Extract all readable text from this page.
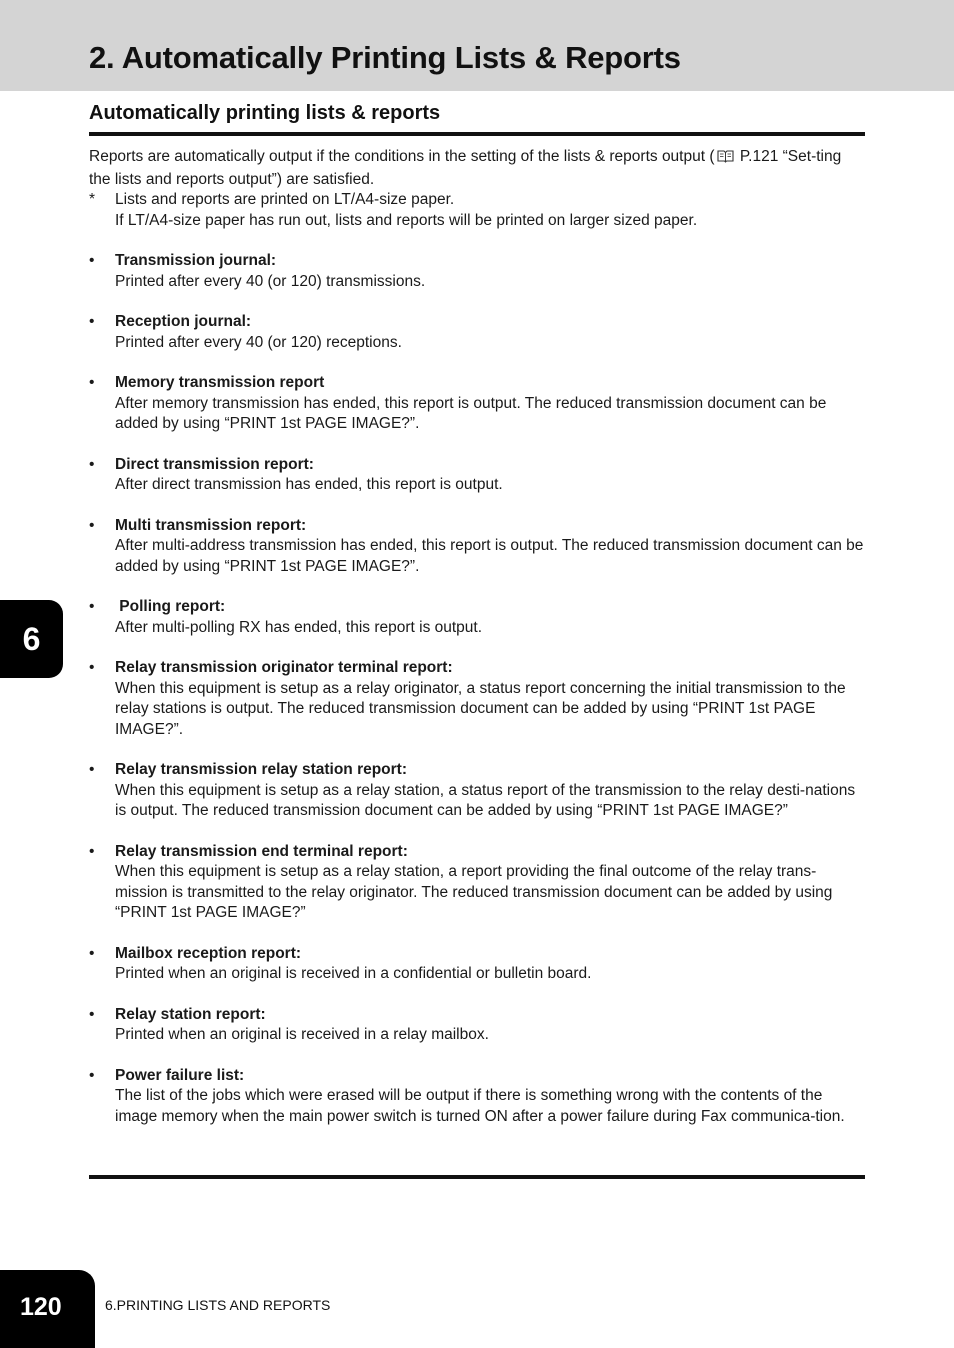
2. Automatically Printing Lists & Reports
Automatically printing lists & reports

Reports are automatically output if the conditions in the setting of the lists & reports output ( P.121 “Set-ting the lists and reports output”) are satisfied.

*	Lists and reports are printed on LT/A4-size paper.
If LT/A4-size paper has run out, lists and reports will be printed on larger sized paper.
•	Transmission journal:
Printed after every 40 (or 120) transmissions.
•	Reception journal:
Printed after every 40 (or 120) receptions.
•	Memory transmission report
After memory transmission has ended, this report is output. The reduced transmission document can be added by using “PRINT 1st PAGE IMAGE?”.
•	Direct transmission report:
After direct transmission has ended, this report is output.
•	Multi transmission report:
After multi-address transmission has ended, this report is output. The reduced transmission document can be added by using “PRINT 1st PAGE IMAGE?”.
•	Polling report:
After multi-polling RX has ended, this report is output.
•	Relay transmission originator terminal report:
When this equipment is setup as a relay originator, a status report concerning the initial transmission to the relay stations is output. The reduced transmission document can be added by using “PRINT 1st PAGE IMAGE?”.
•	Relay transmission relay station report:
When this equipment is setup as a relay station, a status report of the transmission to the relay desti-nations is output. The reduced transmission document can be added by using “PRINT 1st PAGE IMAGE?”
•	Relay transmission end terminal report:
When this equipment is setup as a relay station, a report providing the final outcome of the relay trans-mission is transmitted to the relay originator. The reduced transmission document can be added by using “PRINT 1st PAGE IMAGE?”
•	Mailbox reception report:
Printed when an original is received in a confidential or bulletin board.
•	Relay station report:
Printed when an original is received in a relay mailbox.
•	Power failure list:
The list of the jobs which were erased will be output if there is something wrong with the contents of the image memory when the main power switch is turned ON after a power failure during Fax communica-tion.
6
120	6.PRINTING LISTS AND REPORTS
